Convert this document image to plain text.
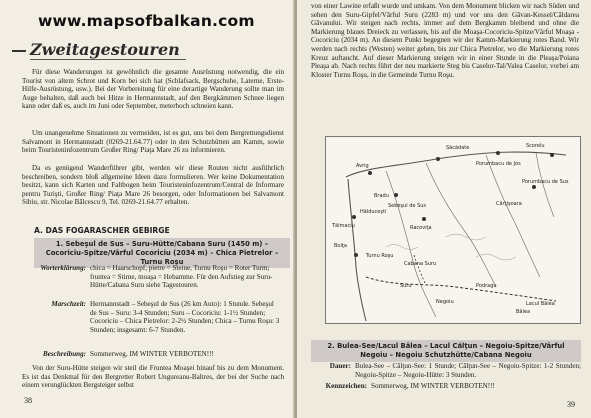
www.mapsofbalkan.com
Zweitagestouren
Für diese Wanderungen ist gewöhnlich die gesamte Ausrüstung notwendig, die ein Tourist von altem Schrot und Korn bei sich hat (Schlafsack, Bergschuhe, Laterne, Erste-Hilfe-Ausrüstung, usw.). Bei der Vorbereitung für eine derartige Wanderung sollte man im Auge behalten, daß auch bei Hitze in Hermannstadt, auf den Bergkämmen Schnee liegen kann oder daß es, auch im Juni oder September, meterhoch schneien kann.
Um unangenehme Situationen zu vermeiden, ist es gut, uns bei dem Bergrettungsdienst Salvamont in Hermannstadt (0269-21.64.77) oder in den Schutzhütten am Kamm, sowie beim Touristeninfozentrum Großer Ring/ Piaţa Mare 26 zu informieren.
Da es genügend Wanderführer gibt, werden wir diese Routen nicht ausführlich beschreiben, sondern bloß allgemeine Ideen dazu formulieren. Wer keine Dokumentation besitzt, kann sich Karten und Faltbogen beim Touristeninfozentrum/Central de Informare pentru Turişti, Großer Ring/ Piaţa Mare 26 besorgen, oder Informationen bei Salvamont Sibiu, str. Nicolae Bălcescu 9, Tel. 0269-21.64.77 erhalten.
A. DAS FOGARASCHER GEBIRGE
1. Sebeşul de Sus – Suru-Hütte/Cabana Suru (1450 m) – Cocoriciu-Spitze/Vârful Cocoriciu (2034 m) – Chica Pietrelor – Turnu Roşu
Worterklärung: chica = Haarschopf, pietre = Steine, Turnu Roşu = Roter Turm; fruntea = Stirne, moaşa = Hebamme. Für den Aufstieg zur Suru-Hütte/Cabana Suru siehe Tagestouren.
Marschzeit: Hermannstadt – Sebeşul de Sus (26 km Auto): 1 Stunde. Sebeşul de Sus – Suru: 3-4 Stunden; Suru – Cocoriciu: 1-1½ Stunden; Cocoriciu – Chica Pietrelor: 2-2½ Stunden; Chica – Turnu Roşu: 3 Stunden; insgesamt: 6-7 Stunden.
Beschreibung: Sommerweg, IM WINTER VERBOTEN!!!
Von der Suru-Hütte steigen wir steil die Fruntea Moaşei hinauf bis zu dem Monument. Es ist das Denkmal für den Bergretter Robert Ungureanu-Baltres, der bei der Suche nach einem verunglückten Bergsteiger selbst
38
von einer Lawine erfaßt wurde und umkam. Von dem Monument blicken wir nach Süden und sehen den Suru-Gipfel/Vârful Suru (2283 m) und vor uns den Găvan-Kessel/Căldarea Găvanului. Wir steigen nach rechts, immer auf dem Bergkamm bleibend und ohne die Markierung blaues Dreieck zu verlassen, bis auf die Moaşa-Cocoriciu-Spitze/Vârful Moaşa - Cocoriciu (2034 m). An diesem Punkt begegnen wir der Kamm-Markierung rotes Band. Wir werden nach rechts (Westen) weiter gehen, bis zur Chica Pietrelor, wo die Markierung rotes Kreuz auftaucht. Auf dieser Markierung steigen wir in einer Stunde in die Pleaşa/Poiana Pleaşa ab. Nach rechts führt der neu markierte Steg bis Caselor-Tal/Valea Caselor, vorbei am Kloster Turnu Roşu, in die Gemeinde Turnu Roşu.
Săcădate
Porumbacu de Jos
Scorelu
Avrig
Porumbacu de Sus
Bradu
Sebeşul de Sus	Cârţişoara
Racoviţa
Turnu Roşu
Tălmaciu
Boiţa
Podragu
Negoiu
Suru
Bâlea
Lacul Bâlea
Cabana Suru
Hălduceşti
2. Bulea-See/Lacul Bâlea – Lacul Călţun – Negoiu-Spitze/Vârful Negoiu – Negoiu Schutzhütte/Cabana Negoiu
Dauer: Bulea-See – Călţun-See: 1 Stunde; Călţun-See – Negoiu-Spitze: 1-2 Stunden; Negoiu-Spitze – Negoiu-Hütte: 3 Stunden.
Kennzeichen: Sommerweg, IM WINTER VERBOTEN!!!
39
